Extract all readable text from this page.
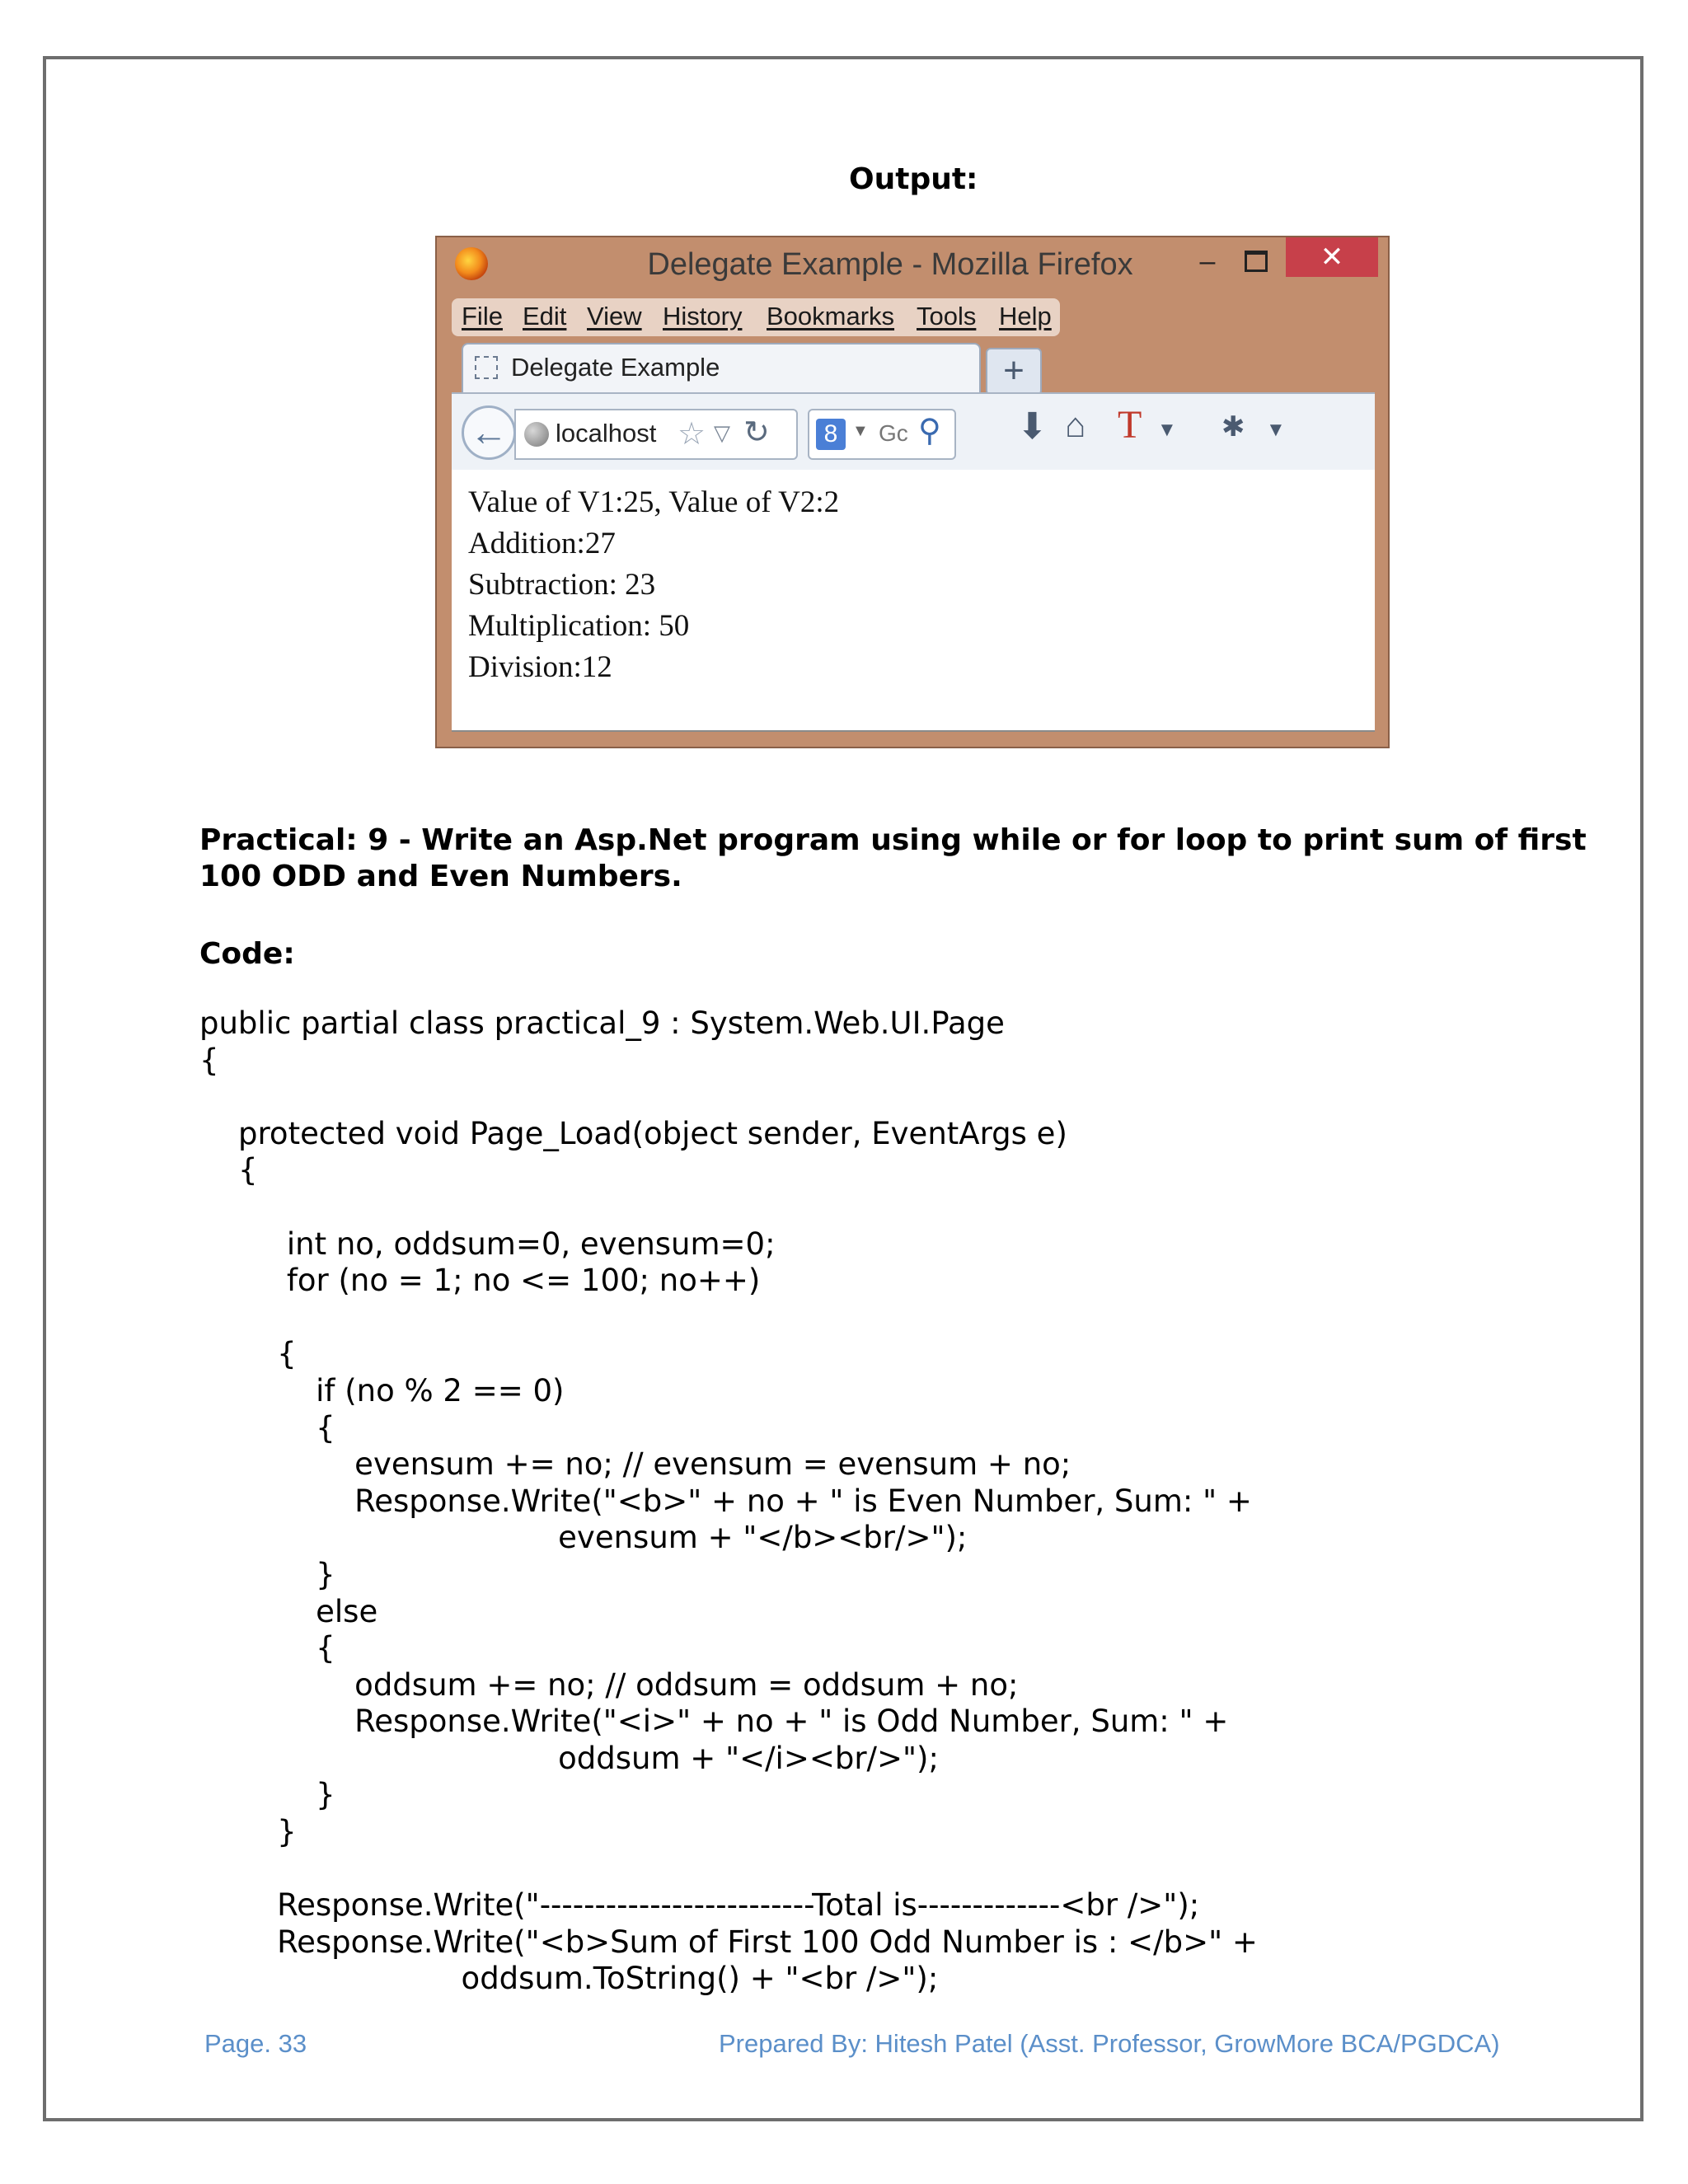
Output:
Delegate Example - Mozilla Firefox	–	✕
File Edit View History Bookmarks Tools Help
Delegate Example	+
localhost ☆ ▽ ↻
←	8 ▼ Gc ⚲ ⬇ ⌂ T ▼ ✱ ▼
Value of V1:25, Value of V2:2
Addition:27
Subtraction: 23
Multiplication: 50
Division:12
Practical: 9 - Write an Asp.Net program using while or for loop to print sum of first 100 ODD and Even Numbers.
Code:
public partial class practical_9 : System.Web.UI.Page
{
protected void Page_Load(object sender, EventArgs e)
{
int no, oddsum=0, evensum=0;
for (no = 1; no <= 100; no++)
{
if (no % 2 == 0)
{
evensum += no; // evensum = evensum + no;
Response.Write("<b>" + no + " is Even Number, Sum: " +
evensum + "</b><br/>");
}
else
{
oddsum += no; // oddsum = oddsum + no;
Response.Write("<i>" + no + " is Odd Number, Sum: " +
oddsum + "</i><br/>");
}
}
Response.Write("-------------------------Total is-------------<br />");
Response.Write("<b>Sum of First 100 Odd Number is : </b>" +
oddsum.ToString() + "<br />");
Page. 33	Prepared By: Hitesh Patel (Asst. Professor, GrowMore BCA/PGDCA)
